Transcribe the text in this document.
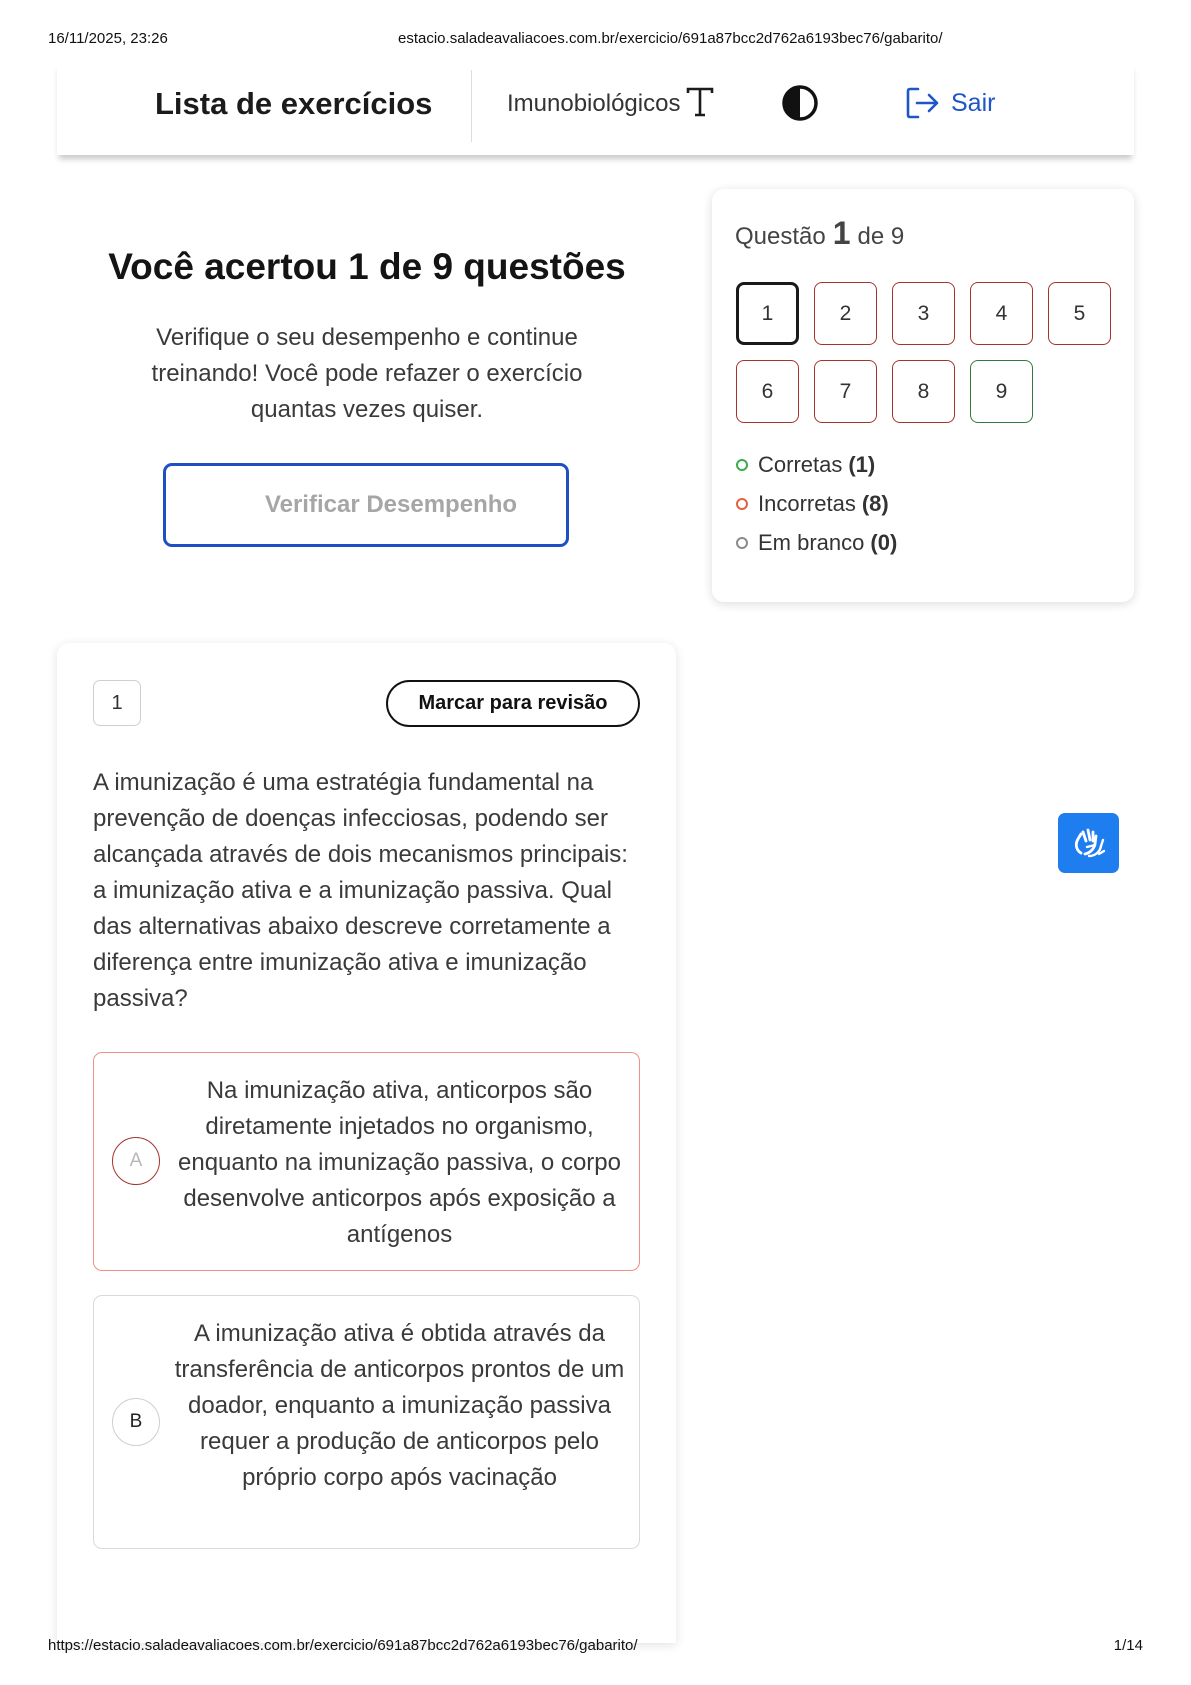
16/11/2025, 23:26	estacio.saladeavaliacoes.com.br/exercicio/691a87bcc2d762a6193bec76/gabarito/
Lista de exercícios	Imunobiológicos	Sair
Você acertou 1 de 9 questões
Verifique o seu desempenho e continue treinando! Você pode refazer o exercício quantas vezes quiser.
Verificar Desempenho
Questão 1 de 9
1	2	3	4	5
6	7	8	9
Corretas (1)
Incorretas (8)
Em branco (0)
1	Marcar para revisão
A imunização é uma estratégia fundamental na prevenção de doenças infecciosas, podendo ser alcançada através de dois mecanismos principais: a imunização ativa e a imunização passiva. Qual das alternativas abaixo descreve corretamente a diferença entre imunização ativa e imunização passiva?
A
Na imunização ativa, anticorpos são diretamente injetados no organismo, enquanto na imunização passiva, o corpo desenvolve anticorpos após exposição a antígenos
B
A imunização ativa é obtida através da transferência de anticorpos prontos de um doador, enquanto a imunização passiva requer a produção de anticorpos pelo próprio corpo após vacinação
https://estacio.saladeavaliacoes.com.br/exercicio/691a87bcc2d762a6193bec76/gabarito/	1/14
